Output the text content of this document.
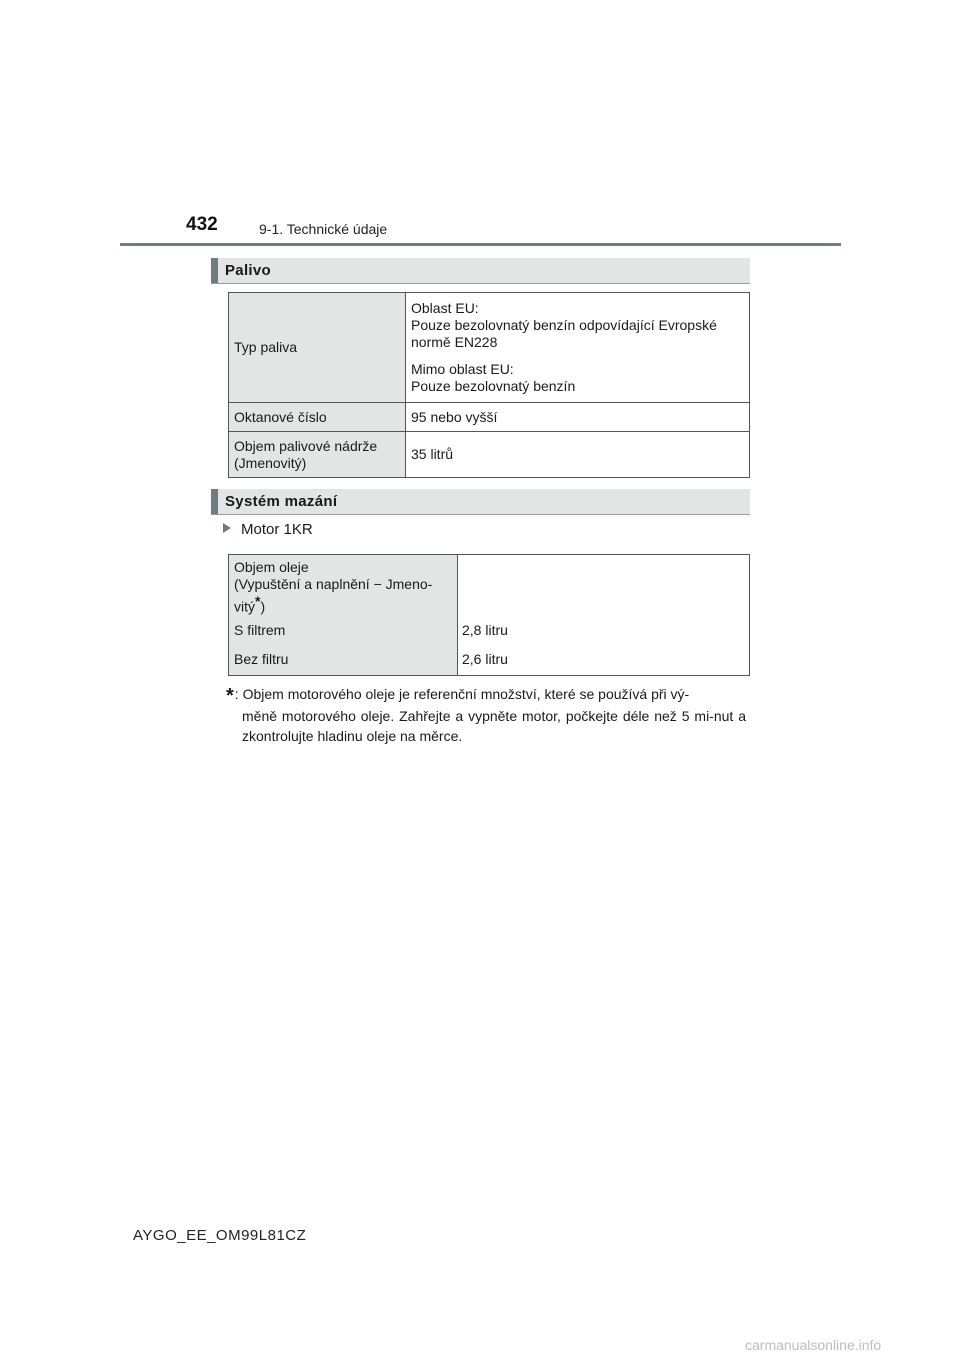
432	9-1. Technické údaje
Palivo
Typ paliva	Oblast EU:
Pouze bezolovnatý benzín odpovídající Evropské
normě EN228
Mimo oblast EU:
Pouze bezolovnatý benzín

Oktanové číslo	95 nebo vyšší

Objem palivové nádrže
(Jmenovitý)	35 litrů
Systém mazání
Motor 1KR
Objem oleje
(Vypuštění a naplnění − Jmeno-
vitý*)
S filtrem	2,8 litru
Bez filtru	2,6 litru
*: Objem motorového oleje je referenční množství, které se používá při vý-
měně motorového oleje. Zahřejte a vypněte motor, počkejte déle než 5 mi-nut a zkontrolujte hladinu oleje na měrce.
AYGO_EE_OM99L81CZ
carmanualsonline.info
